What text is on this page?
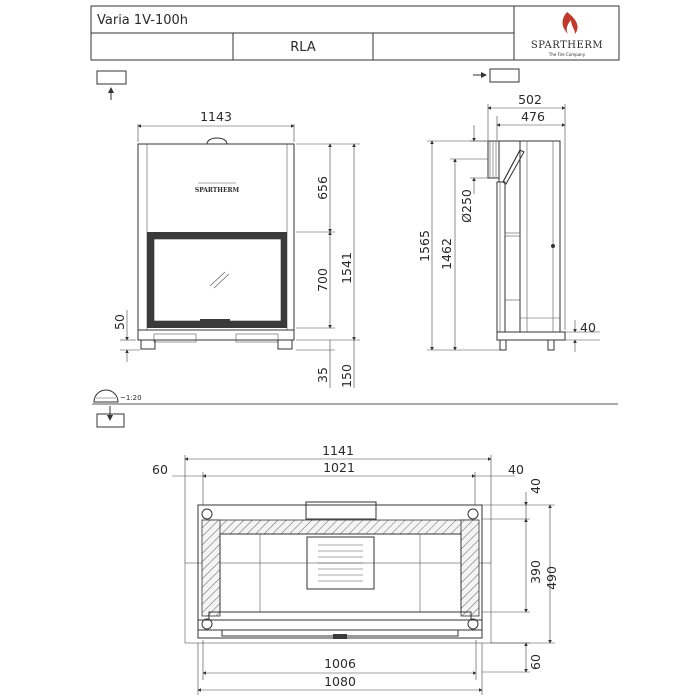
Varia 1V-100h
RLA	SPARTHERM
The Fire Company
~1:20
SPARTHERM
1143
656
700 1541
35 150
50
502
476
Ø250
1565 1462
40
1141
1021
60	40
40
390 490
1006
1080
60
